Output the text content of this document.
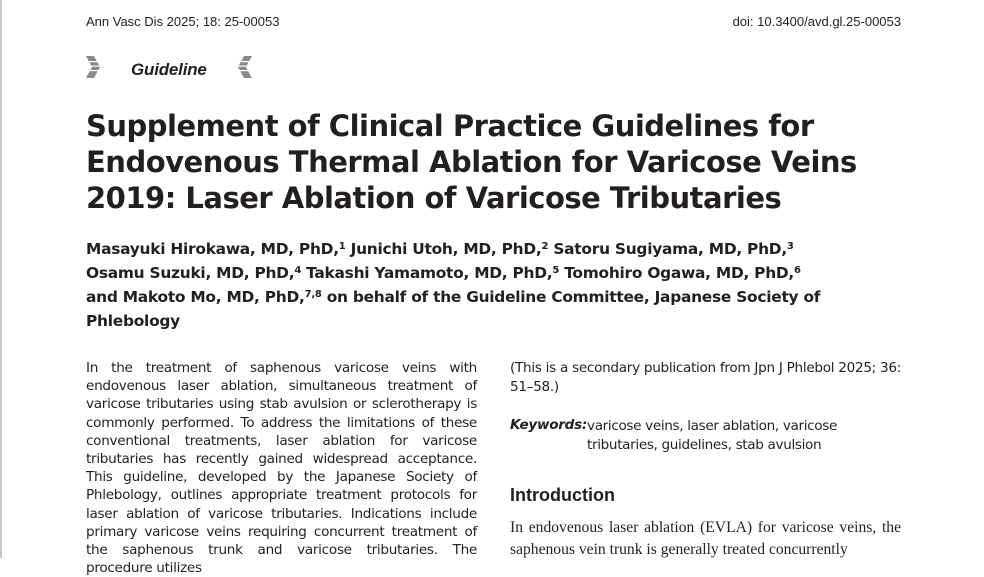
Ann Vasc Dis 2025; 18: 25-00053	doi: 10.3400/avd.gl.25-00053
Guideline
Supplement of Clinical Practice Guidelines for
Endovenous Thermal Ablation for Varicose Veins
2019: Laser Ablation of Varicose Tributaries

Masayuki Hirokawa, MD, PhD,$^1$ Junichi Utoh, MD, PhD,$^2$ Satoru Sugiyama, MD, PhD,$^3$
Osamu Suzuki, MD, PhD,$^4$ Takashi Yamamoto, MD, PhD,$^5$ Tomohiro Ogawa, MD, PhD,$^6$
and Makoto Mo, MD, PhD,$^{7,8}$ on behalf of the Guideline Committee, Japanese Society of Phlebology

In the treatment of saphenous varicose veins with endovenous laser ablation, simultaneous treatment of varicose tributaries using stab avulsion or sclerotherapy is commonly performed. To address the limitations of these conventional treatments, laser ablation for varicose tributaries has recently gained widespread acceptance. This guideline, developed by the Japanese Society of Phlebology, outlines appropriate treatment protocols for laser ablation of varicose tributaries. Indications include primary varicose veins requiring concurrent treatment of the saphenous trunk and varicose tributaries. The procedure utilizes

(This is a secondary publication from Jpn J Phlebol 2025; 36: 51–58.)

Keywords: varicose veins, laser ablation, varicose tributaries, guidelines, stab avulsion

Introduction

In endovenous laser ablation (EVLA) for varicose veins, the saphenous vein trunk is generally treated concurrently
